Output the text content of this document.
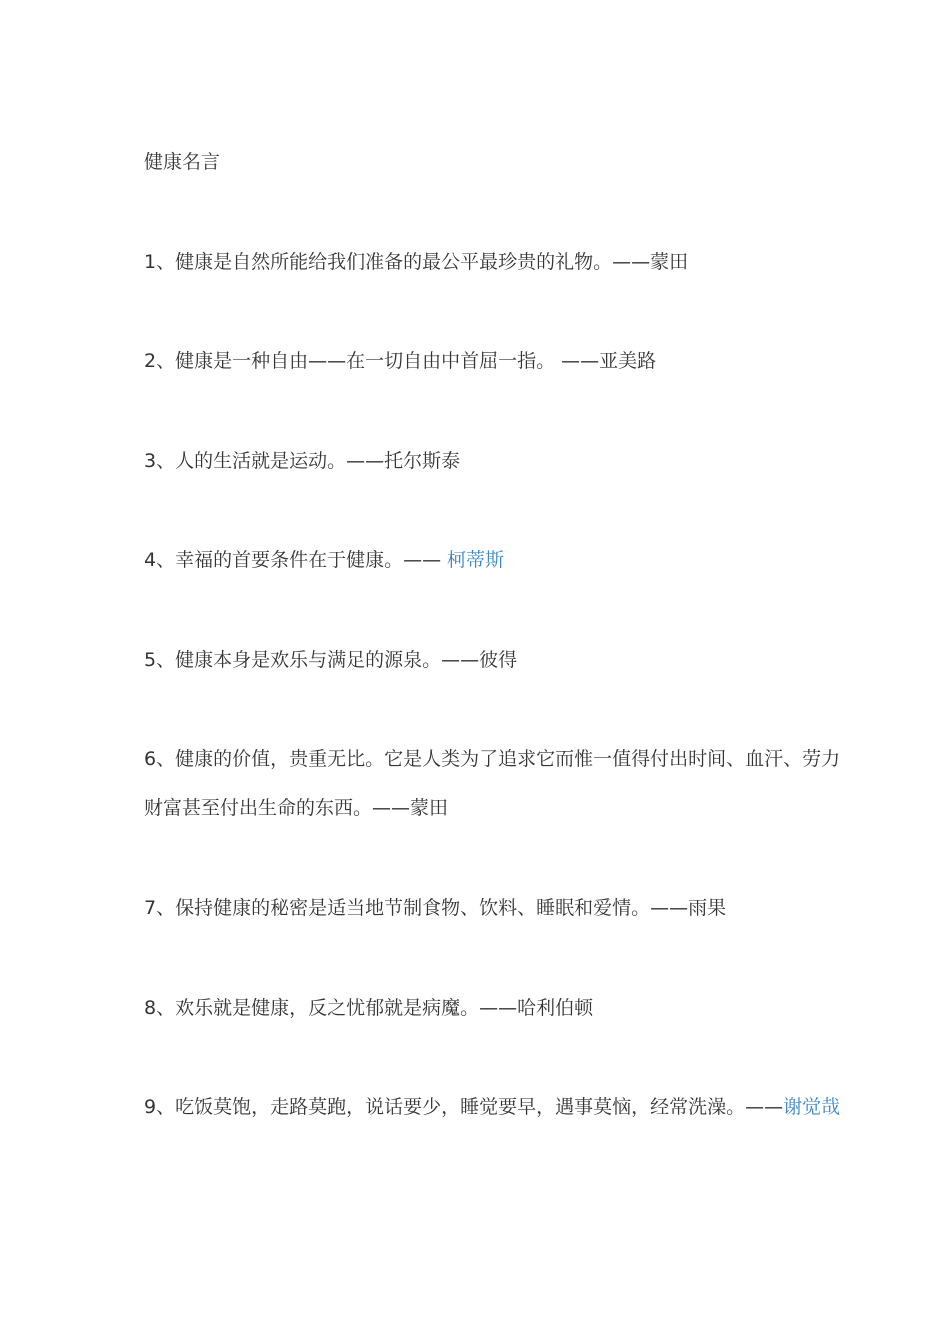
健康名言
1、健康是自然所能给我们准备的最公平最珍贵的礼物。——蒙田
2、健康是一种自由——在一切自由中首屈一指。 ——亚美路
3、人的生活就是运动。——托尔斯泰
4、幸福的首要条件在于健康。—— 柯蒂斯
5、健康本身是欢乐与满足的源泉。——彼得
6、健康的价值，贵重无比。它是人类为了追求它而惟一值得付出时间、血汗、劳力
财富甚至付出生命的东西。——蒙田
7、保持健康的秘密是适当地节制食物、饮料、睡眠和爱情。——雨果
8、欢乐就是健康，反之忧郁就是病魔。——哈利伯顿
9、吃饭莫饱，走路莫跑，说话要少，睡觉要早，遇事莫恼，经常洗澡。——谢觉哉
